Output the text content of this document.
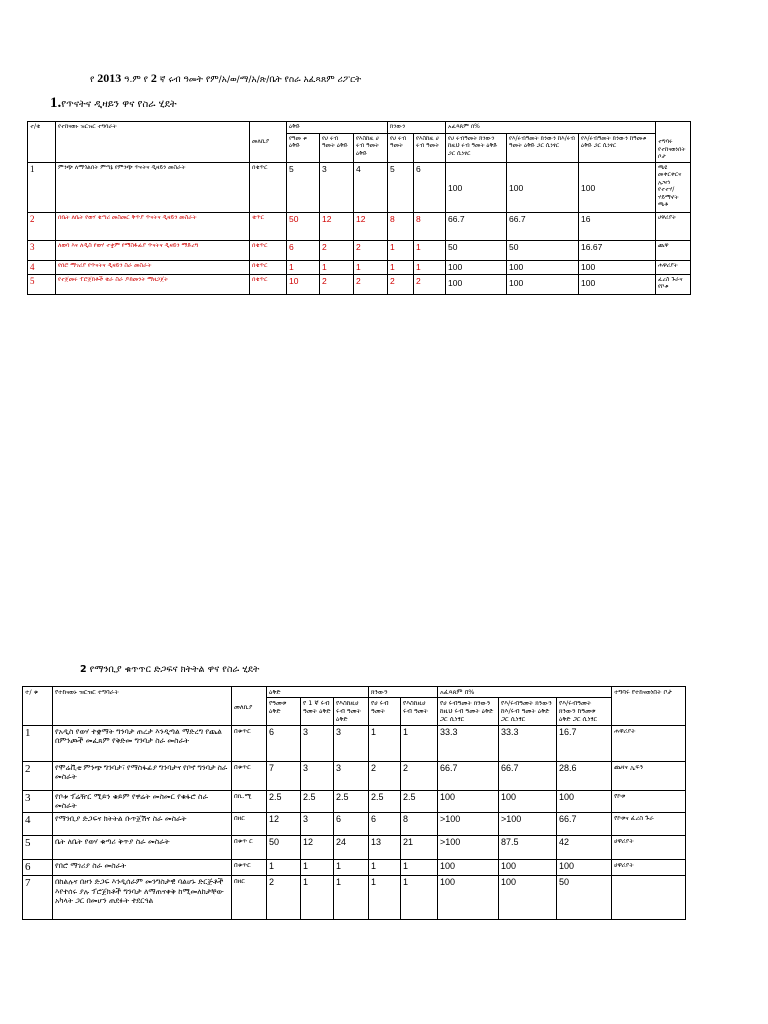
የ 2013 ዓ.ም የ 2 ኛ ሩብ ዓመት የም/አ/ወ/ማ/አ/ጽ/ቤት የስራ አፈጻጸም ሪፖርት
1.የጥናትና ዲዛይን ዋና የስራ ሂደት
ተ/ቁ	የተከናወኑ ዝርዝር ተግባራት	መለኪያ	ዕቅድ			ክንውን		አፈጻጸም በ%			ተግባሩ የተከናወነበት ቦታ
			የዓመ ቱ ዕቅድ	የሀ ሩብ ዓመት ዕቅድ	የእስከዚ ሀ ሩብ ዓመት ዕቅድ	የሀ ሩብ ዓመት	የእስከዚ ሀ ሩብ ዓመት	የሀ ሩብዓመት ክንውን ከዚህ ሩብ ዓመት ዕቅድ ጋር ሲነፃር	የእ/ሩብዓመት ክንውን ከእ/ሩብ ዓመት ዕቅድ ጋር ሲነፃር	የእ/ሩብዓመት ክንውን ከዓመቱ ዕቅድ ጋር ሲነፃር	
1	ምንጭ ለማጎልበት ምጣኔ የምንጭ ጥናትና ዲዛይን መስራት	በቁጥር	5	3	4	5	6	100	100	100	ጫዩ መቀርቀርና ኢዣነ የተተሃ/ ሃይማኖት ጫቶ
2	በቤት ለቤት የወሃ ቁጣሪ መስመር ቅጥያ ጥናትና ዲዛይን መስራት	ቁጥር	50	12	12	8	8	66.7	66.7	16	ሀዋሪያት
3	ለወባ እና ለዲስ የወሃ ተቋም የማስፋፊያ ጥናትና ዲዛይን ማድረግ	በቁጥር	6	2	2	1	1	50	50	16.67	ጨዋ
4	የበሮ ማገሪያ የጥናትና ዲዛይን ስራ መስራት	በቁጥር	1	1	1	1	1	100	100	100	ሐዋሪያት
5	የተጀመሩ ፕሮጀክቶች ቁራ ስራ ዶክመንት ማዘጋጀት	በቁጥር	10	2	2	2	2	100	100	100	ፈረስ ጉራና የኮቱ
2 የማንቢያ ቁጥጥር ድጋፍና ክትትል ዋና የስራ ሂደት
ተ/ ቁ	የተከናወኑ ዝርዝር ተግባራት	መለኪያ	ዕቅድ			ክንውን		አፈጻጸም በ%			ተግባሩ የተከናወነበት ቦታ
			የዓመቱ ዕቅድ	የ 1 ኛ ሩብ ዓመት ዕቅድ	የእስከዚሀ ሩብ ዓመት ዕቅድ	የሀ ሩብ ዓመት	የእስከዚሀ ሩብ ዓመት	የሀ ሩብዓመት ክንውን ከዚህ ሩብ ዓመት ዕቅድ ጋር ሲነፃር	የእ/ሩብዓመት ክንውን ከእ/ሩብ ዓመት ዕቅድ ጋር ሲነፃር	የእ/ሩብዓመት ክንውን ከዓመቱ ዕቅድ ጋር ሲነፃር	
1	የአዲስ የወሃ ተቋማት ግንባታ ጠረታ እንዲጣል ማድረግ የጨል በምንጮች መፈጸም የቅድመ ግንባታ ስራ መስራት	በቁጥር	6	3	3	1	1	33.3	33.3	16.7	ሐዋሪያት
2	የሞሬቪቲ ምንጭ ግንባታ፣ የማስፋፊያ ግንባታና የቦኖ ግንባታ ስራ መስራት	በቁጥር	7	3	3	2	2	66.7	66.7	28.6	ጨዛና ኢፍን
3	የቦቱ ፕሬዥር ሚይን ቁይም የዋሬት መስመር የቁፋሮ ስራ መስራት	በኪ.ሚ	2.5	2.5	2.5	2.5	2.5	100	100	100	የኮቱ
4	የማንቢያ ድጋፍና ክትትል ቡጥጀሽና ስራ መስራት	በዘር	12	3	6	6	8	>100	>100	66.7	የኮቱና ፈረስ ጉራ
5	ቤት ለቤት የወሃ ቁጣሪ ቅጥያ ስራ መስራት	በቁጥ ር	50	12	24	13	21	>100	87.5	42	ሀዋሪያት
6	የበሮ ማገሪያ ስራ መስራት	በቁጥር	1	1	1	1	1	100	100	100	ሀዋሪያት
7	በከልሉና በዞን ድጋፍ እንዲሰራም መንግስታዊ ባልሆኑ ድርጅቶች እየተሰሩ ያሉ ፕሮጀክቶች ግንባታ ለማጠናቀቅ ከሚመለከታቸው አካላት ጋር በመሆን ጠደፉት ተደርጓል	በዘር	2	1	1	1	1	100	100	50	
